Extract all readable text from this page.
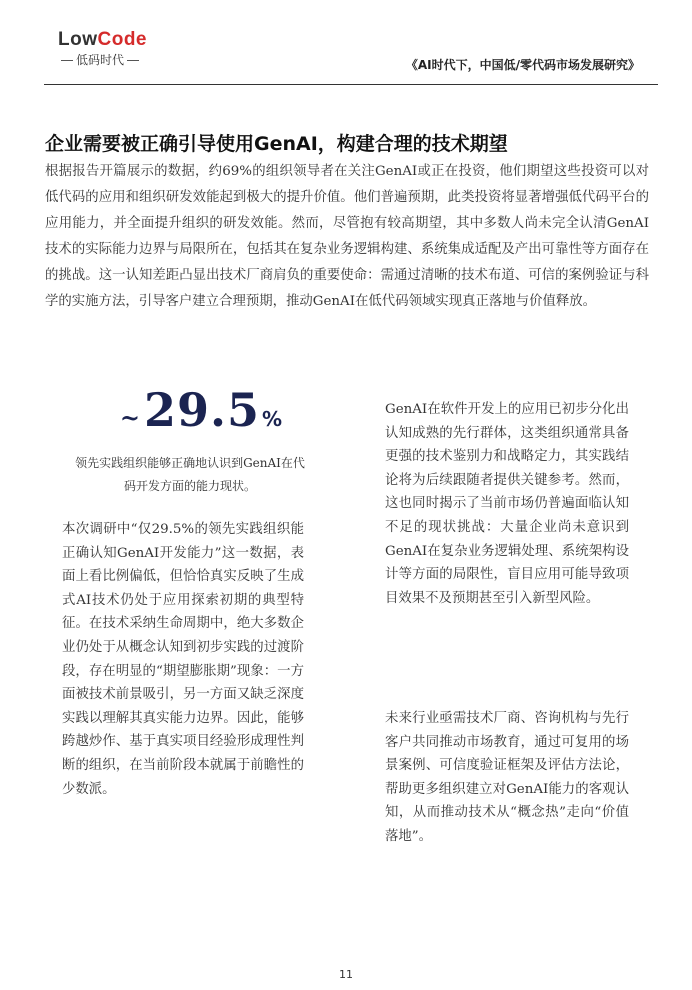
LowCode
低码时代	《AI时代下，中国低/零代码市场发展研究》
企业需要被正确引导使用GenAI，构建合理的技术期望

根据报告开篇展示的数据，约69%的组织领导者在关注GenAI或正在投资，他们期望这些投资可以对低代码的应用和组织研发效能起到极大的提升价值。他们普遍预期，此类投资将显著增强低代码平台的应用能力，并全面提升组织的研发效能。然而，尽管抱有较高期望，其中多数人尚未完全认清GenAI技术的实际能力边界与局限所在，包括其在复杂业务逻辑构建、系统集成适配及产出可靠性等方面存在的挑战。这一认知差距凸显出技术厂商肩负的重要使命：需通过清晰的技术布道、可信的案例验证与科学的实施方法，引导客户建立合理预期，推动GenAI在低代码领域实现真正落地与价值释放。

~ 29.5 %

领先实践组织能够正确地认识到GenAI在代码开发方面的能力现状。

本次调研中“仅29.5%的领先实践组织能正确认知GenAI开发能力”这一数据，表面上看比例偏低，但恰恰真实反映了生成式AI技术仍处于应用探索初期的典型特征。在技术采纳生命周期中，绝大多数企业仍处于从概念认知到初步实践的过渡阶段，存在明显的“期望膨胀期”现象：一方面被技术前景吸引，另一方面又缺乏深度实践以理解其真实能力边界。因此，能够跨越炒作、基于真实项目经验形成理性判断的组织，在当前阶段本就属于前瞻性的少数派。

GenAI在软件开发上的应用已初步分化出认知成熟的先行群体，这类组织通常具备更强的技术鉴别力和战略定力，其实践结论将为后续跟随者提供关键参考。然而，这也同时揭示了当前市场仍普遍面临认知不足的现状挑战：大量企业尚未意识到GenAI在复杂业务逻辑处理、系统架构设计等方面的局限性，盲目应用可能导致项目效果不及预期甚至引入新型风险。

未来行业亟需技术厂商、咨询机构与先行客户共同推动市场教育，通过可复用的场景案例、可信度验证框架及评估方法论，帮助更多组织建立对GenAI能力的客观认知，从而推动技术从“概念热”走向“价值落地”。

11
